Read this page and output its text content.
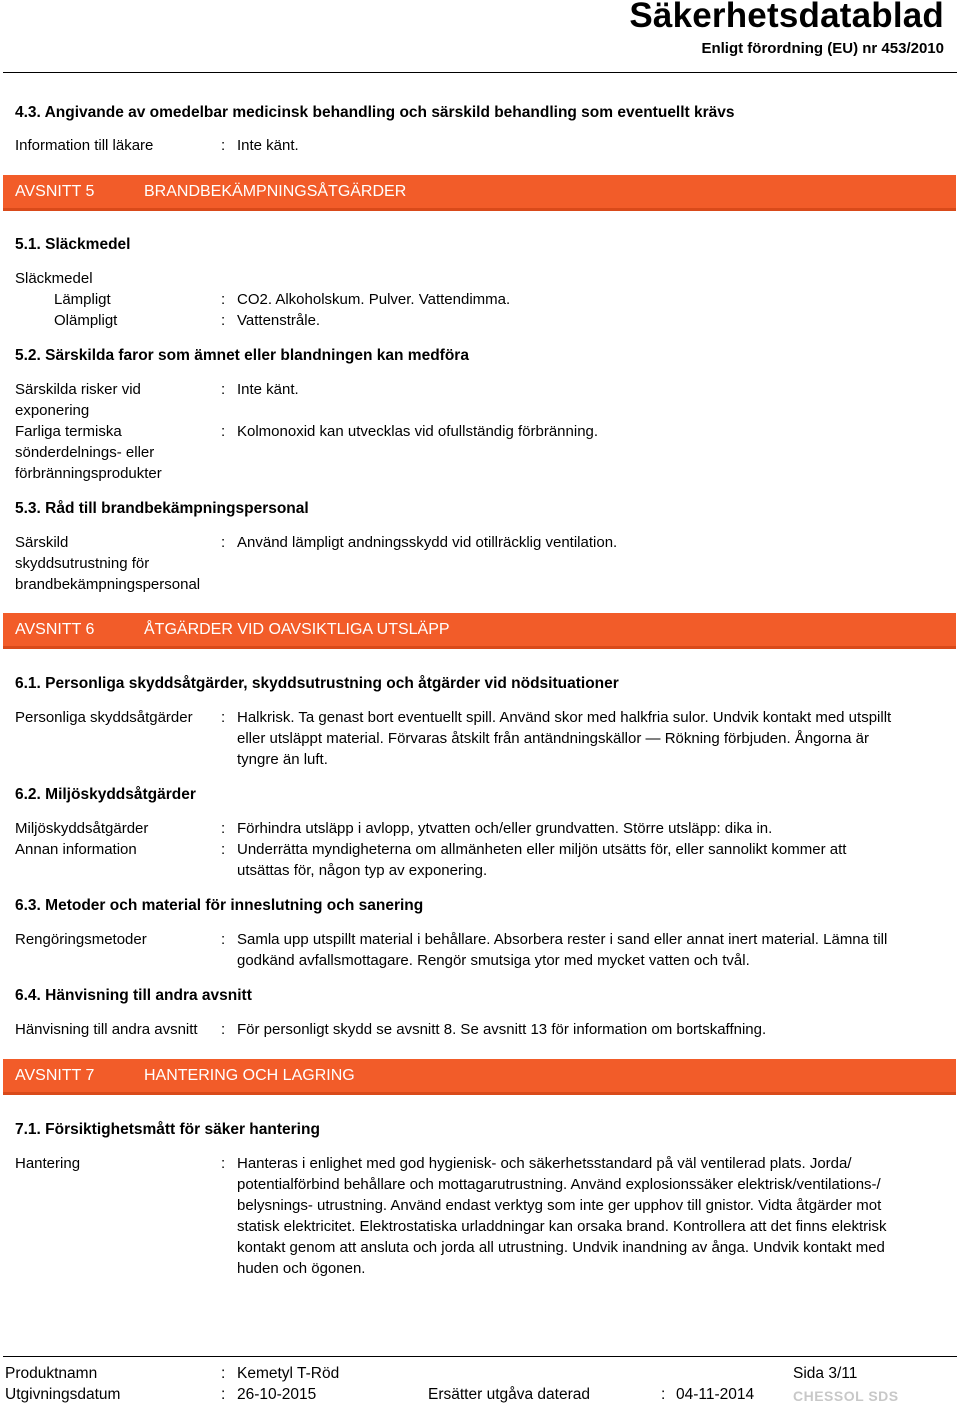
Säkerhetsdatablad
Enligt förordning (EU) nr 453/2010
4.3. Angivande av omedelbar medicinsk behandling och särskild behandling som eventuellt krävs
Information till läkare	: Inte känt.
AVSNITT 5	BRANDBEKÄMPNINGSÅTGÄRDER
5.1. Släckmedel
Släckmedel
Lämpligt	: CO2. Alkoholskum. Pulver. Vattendimma.
Olämpligt	: Vattenstråle.
5.2. Särskilda faror som ämnet eller blandningen kan medföra
Särskilda risker vid
exponering
: Inte känt.
Farliga termiska
sönderdelnings- eller
förbränningsprodukter
: Kolmonoxid kan utvecklas vid ofullständig förbränning.
5.3. Råd till brandbekämpningspersonal
Särskild
skyddsutrustning för
brandbekämpningspersonal
: Använd lämpligt andningsskydd vid otillräcklig ventilation.
AVSNITT 6	ÅTGÄRDER VID OAVSIKTLIGA UTSLÄPP
6.1. Personliga skyddsåtgärder, skyddsutrustning och åtgärder vid nödsituationer
Personliga skyddsåtgärder : Halkrisk. Ta genast bort eventuellt spill. Använd skor med halkfria sulor. Undvik kontakt med utspillt
eller utsläppt material. Förvaras åtskilt från antändningskällor — Rökning förbjuden. Ångorna är
tyngre än luft.
6.2. Miljöskyddsåtgärder
Miljöskyddsåtgärder	: Förhindra utsläpp i avlopp, ytvatten och/eller grundvatten. Större utsläpp: dika in.
Annan information	: Underrätta myndigheterna om allmänheten eller miljön utsätts för, eller sannolikt kommer att
utsättas för, någon typ av exponering.
6.3. Metoder och material för inneslutning och sanering
Rengöringsmetoder	: Samla upp utspillt material i behållare. Absorbera rester i sand eller annat inert material. Lämna till
godkänd avfallsmottagare. Rengör smutsiga ytor med mycket vatten och tvål.
6.4. Hänvisning till andra avsnitt
Hänvisning till andra avsnitt : För personligt skydd se avsnitt 8. Se avsnitt 13 för information om bortskaffning.
AVSNITT 7	HANTERING OCH LAGRING
7.1. Försiktighetsmått för säker hantering
Hantering	: Hanteras i enlighet med god hygienisk- och säkerhetsstandard på väl ventilerad plats. Jorda/
potentialförbind behållare och mottagarutrustning. Använd explosionssäker elektrisk/ventilations-/
belysnings- utrustning. Använd endast verktyg som inte ger upphov till gnistor. Vidta åtgärder mot
statisk elektricitet. Elektrostatiska urladdningar kan orsaka brand. Kontrollera att det finns elektrisk
kontakt genom att ansluta och jorda all utrustning. Undvik inandning av ånga. Undvik kontakt med
huden och ögonen.
Produktnamn	: Kemetyl T-Röd	Sida 3/11
Utgivningsdatum	: 26-10-2015	Ersätter utgåva daterad	: 04-11-2014	CHESSOL SDS
